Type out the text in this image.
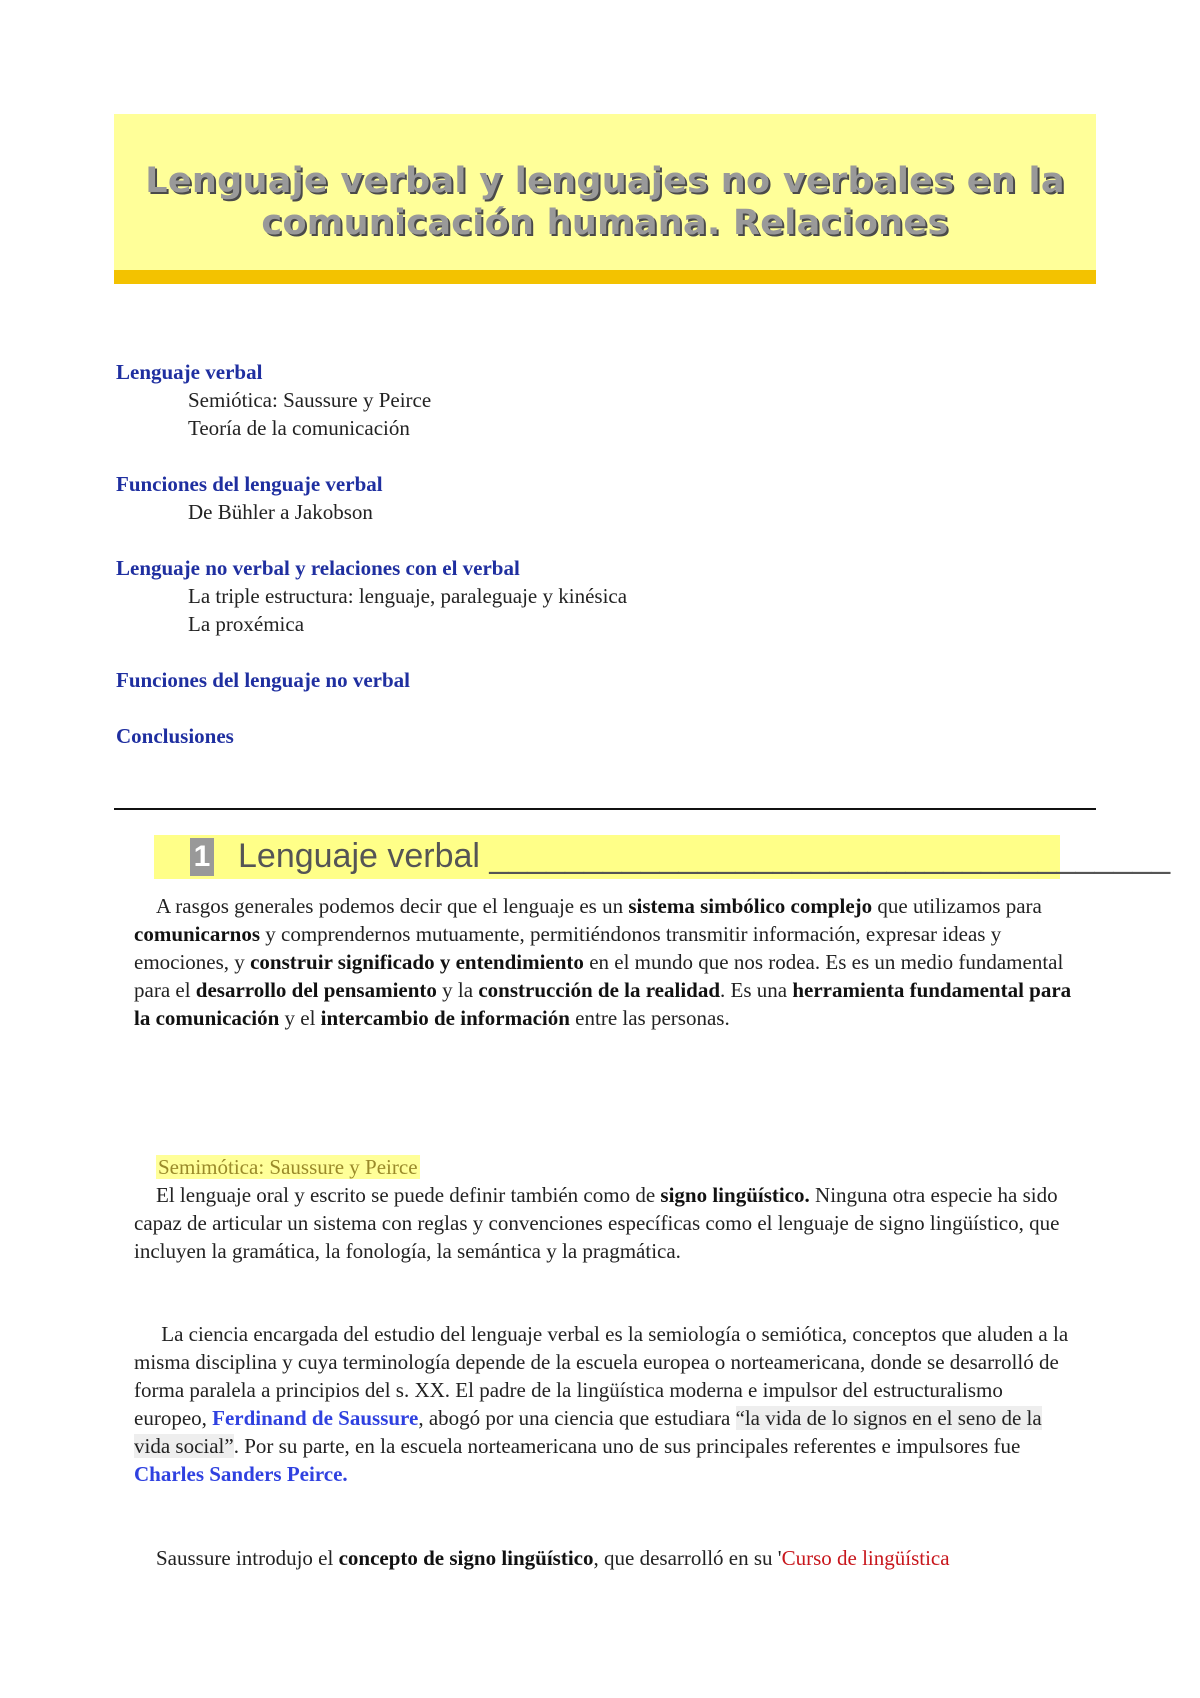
Lenguaje verbal y lenguajes no verbales en la
comunicación humana. Relaciones

Lenguaje verbal

Semiótica: Saussure y Peirce

Teoría de la comunicación

Funciones del lenguaje verbal

De Bühler a Jakobson

Lenguaje no verbal y relaciones con el verbal

La triple estructura: lenguaje, paraleguaje y kinésica

La proxémica

Funciones del lenguaje no verbal

Conclusiones

1 Lenguaje verbal ____________________________________
A rasgos generales podemos decir que el lenguaje es un sistema simbólico complejo que utilizamos para comunicarnos y comprendernos mutuamente, permitiéndonos transmitir información, expresar ideas y emociones, y construir significado y entendimiento en el mundo que nos rodea. Es es un medio fundamental para el desarrollo del pensamiento y la construcción de la realidad. Es una herramienta fundamental para la comunicación y el intercambio de información entre las personas.
Semimótica: Saussure y Peirce
El lenguaje oral y escrito se puede definir también como de signo lingüístico. Ninguna otra especie ha sido capaz de articular un sistema con reglas y convenciones específicas como el lenguaje de signo lingüístico, que incluyen la gramática, la fonología, la semántica y la pragmática.
La ciencia encargada del estudio del lenguaje verbal es la semiología o semiótica, conceptos que aluden a la misma disciplina y cuya terminología depende de la escuela europea o norteamericana, donde se desarrolló de forma paralela a principios del s. XX. El padre de la lingüística moderna e impulsor del estructuralismo europeo, Ferdinand de Saussure, abogó por una ciencia que estudiara “la vida de lo signos en el seno de la vida social”. Por su parte, en la escuela norteamericana uno de sus principales referentes e impulsores fue Charles Sanders Peirce.
Saussure introdujo el concepto de signo lingüístico, que desarrolló en su 'Curso de lingüística
